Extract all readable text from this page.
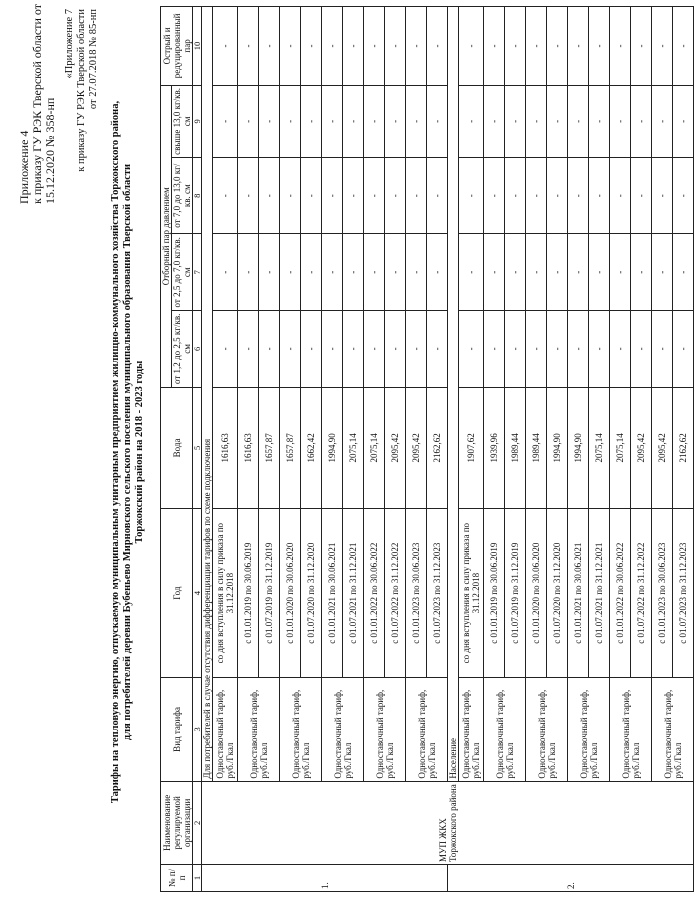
Приложение 4 к приказу ГУ РЭК Тверской области от 15.12.2020 № 358-нп
«Приложение 7 к приказу ГУ РЭК Тверской области от 27.07.2018 № 85-нп
Тарифы на тепловую энергию, отпускаемую муниципальным унитарным предприятием жилищно-коммунального хозяйства Торжокского района, для потребителей деревни Бубеньево Мирновского сельского поселения муниципального образования Тверской области Торжокский район на 2018 - 2023 годы
№ п/ п	Наименование регулируемой организации	Вид тарифа	Год	Вода	Отборный пар давлением				Острый и редуцированный пар
					от 1,2 до 2,5 кг/кв. см	от 2,5 до 7,0 кг/кв. см	от 7,0 до 13,0 кг/кв. см	свыше 13,0 кг/кв. см	
1	2	3	4	5	6	7	8	9	10
1.	МУП ЖКХ Торжокского района	Для потребителей в случае отсутствия дифференциации тарифов по схеме подключения							
		Одноставочный тариф, руб./Гкал	со дня вступления в силу приказа по 31.12.2018	1616,63	-	-	-	-	-
		Одноставочный тариф, руб./Гкал	с 01.01.2019 по 30.06.2019	1616,63	-	-	-	-	-
			с 01.07.2019 по 31.12.2019	1657,87	-	-	-	-	-
		Одноставочный тариф, руб./Гкал	с 01.01.2020 по 30.06.2020	1657,87	-	-	-	-	-
			с 01.07.2020 по 31.12.2020	1662,42	-	-	-	-	-
		Одноставочный тариф, руб./Гкал	с 01.01.2021 по 30.06.2021	1994,90	-	-	-	-	-
			с 01.07.2021 по 31.12.2021	2075,14	-	-	-	-	-
		Одноставочный тариф, руб./Гкал	с 01.01.2022 по 30.06.2022	2075,14	-	-	-	-	-
			с 01.07.2022 по 31.12.2022	2095,42	-	-	-	-	-
		Одноставочный тариф, руб./Гкал	с 01.01.2023 по 30.06.2023	2095,42	-	-	-	-	-
			с 01.07.2023 по 31.12.2023	2162,62	-	-	-	-	-
2.		Население							
		Одноставочный тариф, руб./Гкал	со дня вступления в силу приказа по 31.12.2018	1907,62	-	-	-	-	-
		Одноставочный тариф, руб./Гкал	с 01.01.2019 по 30.06.2019	1939,96	-	-	-	-	-
			с 01.07.2019 по 31.12.2019	1989,44	-	-	-	-	-
		Одноставочный тариф, руб./Гкал	с 01.01.2020 по 30.06.2020	1989,44	-	-	-	-	-
			с 01.07.2020 по 31.12.2020	1994,90	-	-	-	-	-
		Одноставочный тариф, руб./Гкал	с 01.01.2021 по 30.06.2021	1994,90	-	-	-	-	-
			с 01.07.2021 по 31.12.2021	2075,14	-	-	-	-	-
		Одноставочный тариф, руб./Гкал	с 01.01.2022 по 30.06.2022	2075,14	-	-	-	-	-
			с 01.07.2022 по 31.12.2022	2095,42	-	-	-	-	-
		Одноставочный тариф, руб./Гкал	с 01.01.2023 по 30.06.2023	2095,42	-	-	-	-	-
			с 01.07.2023 по 31.12.2023	2162,62	-	-	-	-	-
